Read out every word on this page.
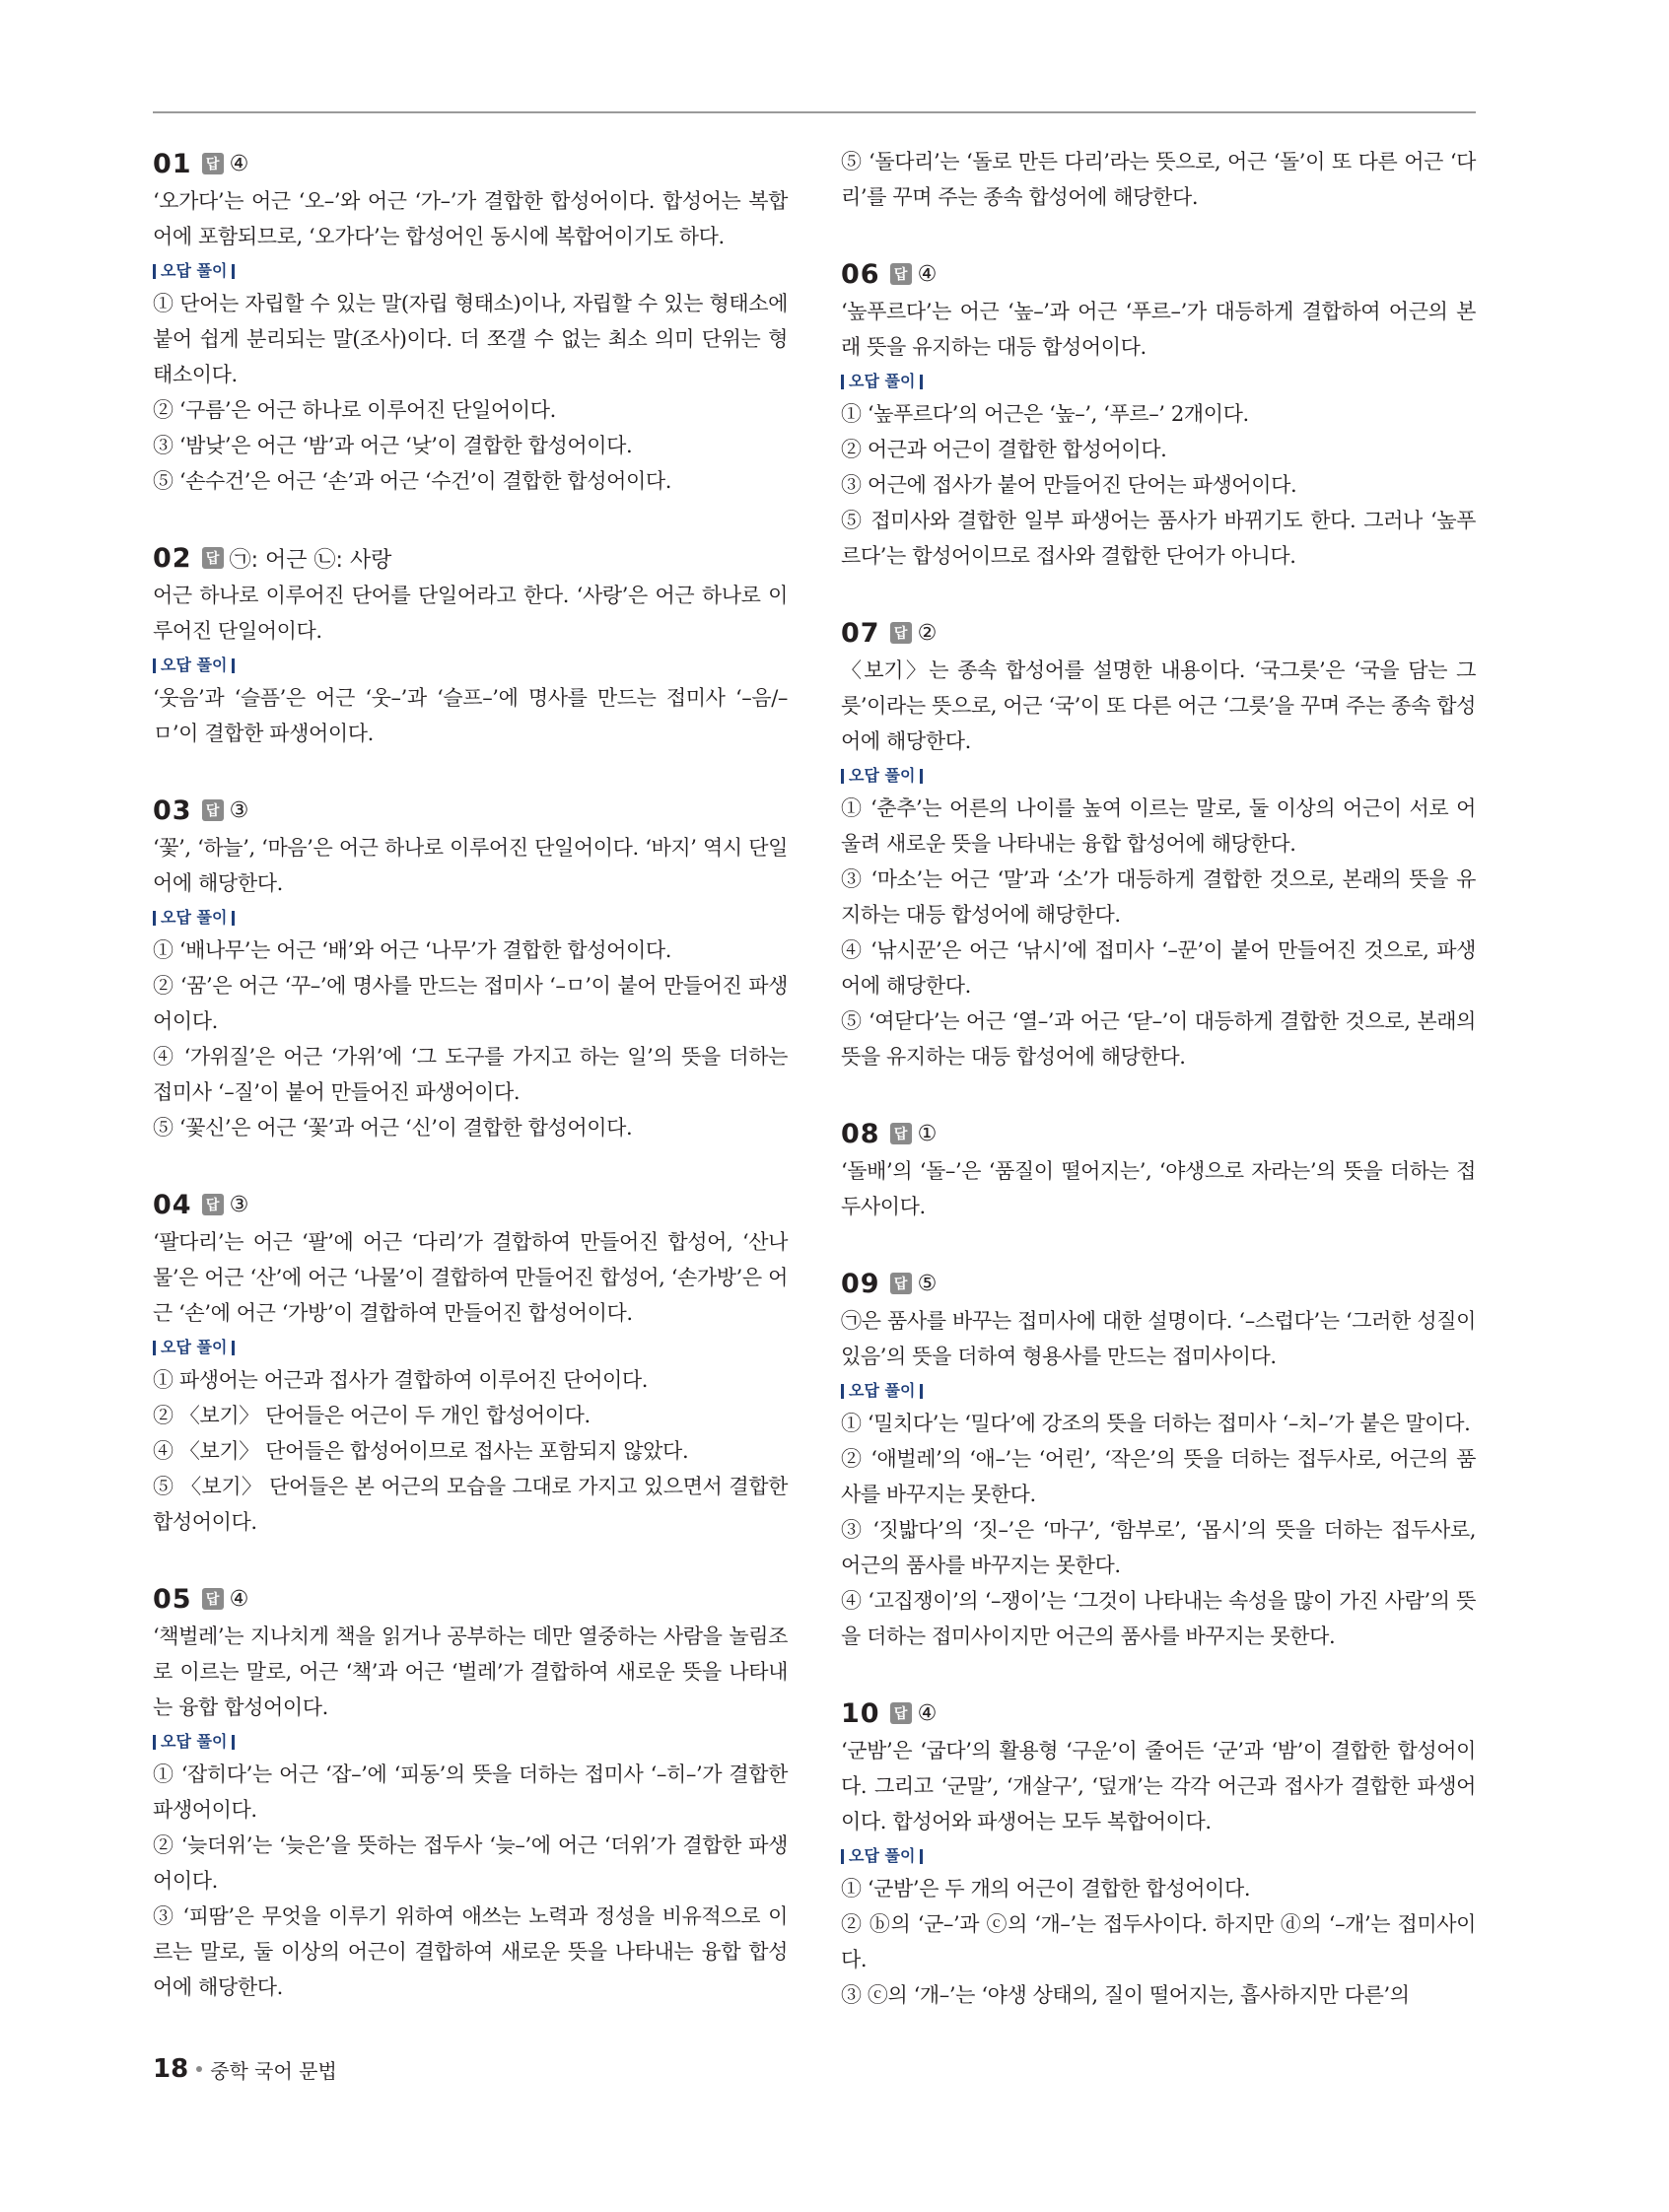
01	답 ④
‘오가다’는 어근 ‘오–’와 어근 ‘가–’가 결합한 합성어이다. 합성어는 복합어에 포함되므로, ‘오가다’는 합성어인 동시에 복합어이기도 하다.
오답 풀이
① 단어는 자립할 수 있는 말(자립 형태소)이나, 자립할 수 있는 형태소에 붙어 쉽게 분리되는 말(조사)이다. 더 쪼갤 수 없는 최소 의미 단위는 형태소이다.
② ‘구름’은 어근 하나로 이루어진 단일어이다.
③ ‘밤낮’은 어근 ‘밤’과 어근 ‘낮’이 결합한 합성어이다.
⑤ ‘손수건’은 어근 ‘손’과 어근 ‘수건’이 결합한 합성어이다.
02	답 ㉠: 어근 ㉡: 사랑
어근 하나로 이루어진 단어를 단일어라고 한다. ‘사랑’은 어근 하나로 이루어진 단일어이다.
오답 풀이
‘웃음’과 ‘슬픔’은 어근 ‘웃–’과 ‘슬프–’에 명사를 만드는 접미사 ‘–음/–ㅁ’이 결합한 파생어이다.
03	답 ③
‘꽃’, ‘하늘’, ‘마음’은 어근 하나로 이루어진 단일어이다. ‘바지’ 역시 단일어에 해당한다.
오답 풀이
① ‘배나무’는 어근 ‘배’와 어근 ‘나무’가 결합한 합성어이다.
② ‘꿈’은 어근 ‘꾸–’에 명사를 만드는 접미사 ‘–ㅁ’이 붙어 만들어진 파생어이다.
④ ‘가위질’은 어근 ‘가위’에 ‘그 도구를 가지고 하는 일’의 뜻을 더하는 접미사 ‘–질’이 붙어 만들어진 파생어이다.
⑤ ‘꽃신’은 어근 ‘꽃’과 어근 ‘신’이 결합한 합성어이다.
04	답 ③
‘팔다리’는 어근 ‘팔’에 어근 ‘다리’가 결합하여 만들어진 합성어, ‘산나물’은 어근 ‘산’에 어근 ‘나물’이 결합하여 만들어진 합성어, ‘손가방’은 어근 ‘손’에 어근 ‘가방’이 결합하여 만들어진 합성어이다.
오답 풀이
① 파생어는 어근과 접사가 결합하여 이루어진 단어이다.
② 〈보기〉 단어들은 어근이 두 개인 합성어이다.
④ 〈보기〉 단어들은 합성어이므로 접사는 포함되지 않았다.
⑤ 〈보기〉 단어들은 본 어근의 모습을 그대로 가지고 있으면서 결합한 합성어이다.
05	답 ④
‘책벌레’는 지나치게 책을 읽거나 공부하는 데만 열중하는 사람을 놀림조로 이르는 말로, 어근 ‘책’과 어근 ‘벌레’가 결합하여 새로운 뜻을 나타내는 융합 합성어이다.
오답 풀이
① ‘잡히다’는 어근 ‘잡–’에 ‘피동’의 뜻을 더하는 접미사 ‘–히–’가 결합한 파생어이다.
② ‘늦더위’는 ‘늦은’을 뜻하는 접두사 ‘늦–’에 어근 ‘더위’가 결합한 파생어이다.
③ ‘피땀’은 무엇을 이루기 위하여 애쓰는 노력과 정성을 비유적으로 이르는 말로, 둘 이상의 어근이 결합하여 새로운 뜻을 나타내는 융합 합성어에 해당한다.
⑤ ‘돌다리’는 ‘돌로 만든 다리’라는 뜻으로, 어근 ‘돌’이 또 다른 어근 ‘다리’를 꾸며 주는 종속 합성어에 해당한다.
06	답 ④
‘높푸르다’는 어근 ‘높–’과 어근 ‘푸르–’가 대등하게 결합하여 어근의 본래 뜻을 유지하는 대등 합성어이다.
오답 풀이
① ‘높푸르다’의 어근은 ‘높–’, ‘푸르–’ 2개이다.
② 어근과 어근이 결합한 합성어이다.
③ 어근에 접사가 붙어 만들어진 단어는 파생어이다.
⑤ 접미사와 결합한 일부 파생어는 품사가 바뀌기도 한다. 그러나 ‘높푸르다’는 합성어이므로 접사와 결합한 단어가 아니다.
07	답 ②
〈보기〉는 종속 합성어를 설명한 내용이다. ‘국그릇’은 ‘국을 담는 그릇’이라는 뜻으로, 어근 ‘국’이 또 다른 어근 ‘그릇’을 꾸며 주는 종속 합성어에 해당한다.
오답 풀이
① ‘춘추’는 어른의 나이를 높여 이르는 말로, 둘 이상의 어근이 서로 어울려 새로운 뜻을 나타내는 융합 합성어에 해당한다.
③ ‘마소’는 어근 ‘말’과 ‘소’가 대등하게 결합한 것으로, 본래의 뜻을 유지하는 대등 합성어에 해당한다.
④ ‘낚시꾼’은 어근 ‘낚시’에 접미사 ‘–꾼’이 붙어 만들어진 것으로, 파생어에 해당한다.
⑤ ‘여닫다’는 어근 ‘열–’과 어근 ‘닫–’이 대등하게 결합한 것으로, 본래의 뜻을 유지하는 대등 합성어에 해당한다.
08	답 ①
‘돌배’의 ‘돌–’은 ‘품질이 떨어지는’, ‘야생으로 자라는’의 뜻을 더하는 접두사이다.
09	답 ⑤
㉠은 품사를 바꾸는 접미사에 대한 설명이다. ‘–스럽다’는 ‘그러한 성질이 있음’의 뜻을 더하여 형용사를 만드는 접미사이다.
오답 풀이
① ‘밀치다’는 ‘밀다’에 강조의 뜻을 더하는 접미사 ‘–치–’가 붙은 말이다.
② ‘애벌레’의 ‘애–’는 ‘어린’, ‘작은’의 뜻을 더하는 접두사로, 어근의 품사를 바꾸지는 못한다.
③ ‘짓밟다’의 ‘짓–’은 ‘마구’, ‘함부로’, ‘몹시’의 뜻을 더하는 접두사로, 어근의 품사를 바꾸지는 못한다.
④ ‘고집쟁이’의 ‘–쟁이’는 ‘그것이 나타내는 속성을 많이 가진 사람’의 뜻을 더하는 접미사이지만 어근의 품사를 바꾸지는 못한다.
10	답 ④
‘군밤’은 ‘굽다’의 활용형 ‘구운’이 줄어든 ‘군’과 ‘밤’이 결합한 합성어이다. 그리고 ‘군말’, ‘개살구’, ‘덮개’는 각각 어근과 접사가 결합한 파생어이다. 합성어와 파생어는 모두 복합어이다.
오답 풀이
① ‘군밤’은 두 개의 어근이 결합한 합성어이다.
② ⓑ의 ‘군–’과 ⓒ의 ‘개–’는 접두사이다. 하지만 ⓓ의 ‘–개’는 접미사이다.
③ ⓒ의 ‘개–’는 ‘야생 상태의, 질이 떨어지는, 흡사하지만 다른’의
18 중학 국어 문법
